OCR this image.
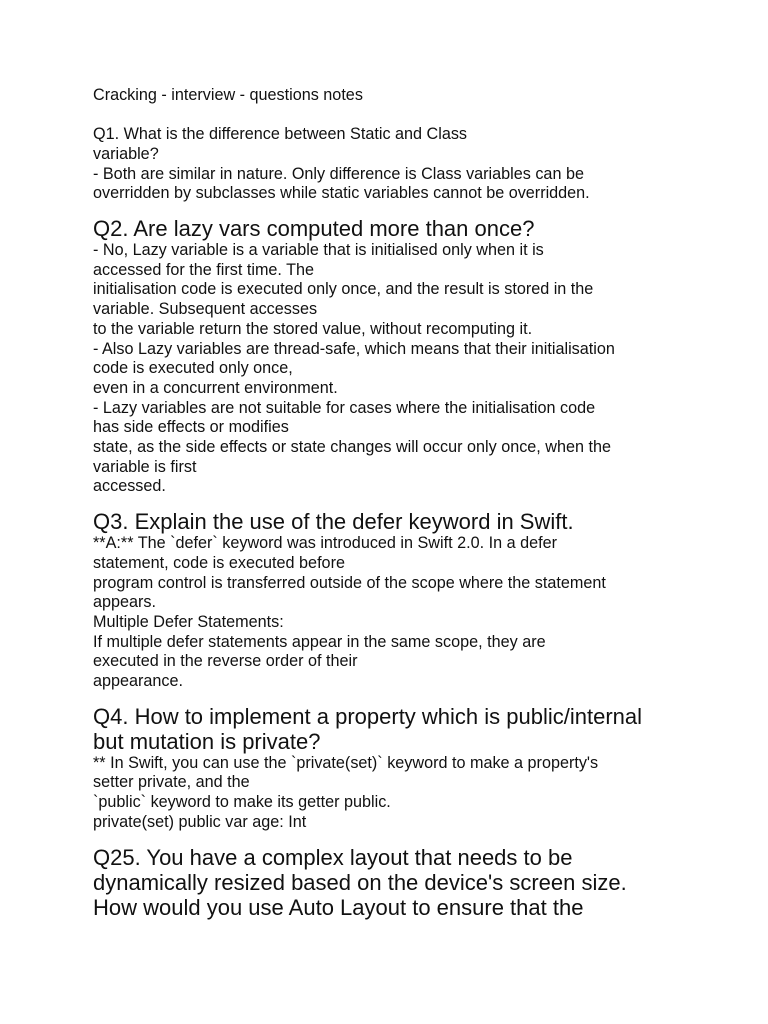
Cracking - interview - questions notes
Q1. What is the difference between Static and Class
variable?
- Both are similar in nature. Only difference is Class variables can be
overridden by subclasses while static variables cannot be overridden.
Q2. Are lazy vars computed more than once?
- No, Lazy variable is a variable that is initialised only when it is
accessed for the first time. The
initialisation code is executed only once, and the result is stored in the
variable. Subsequent accesses
to the variable return the stored value, without recomputing it.
- Also Lazy variables are thread-safe, which means that their initialisation
code is executed only once,
even in a concurrent environment.
- Lazy variables are not suitable for cases where the initialisation code
has side effects or modifies
state, as the side effects or state changes will occur only once, when the
variable is first
accessed.
Q3. Explain the use of the defer keyword in Swift.
**A:** The `defer` keyword was introduced in Swift 2.0. In a defer
statement, code is executed before
program control is transferred outside of the scope where the statement
appears.
Multiple Defer Statements:
If multiple defer statements appear in the same scope, they are
executed in the reverse order of their
appearance.
Q4. How to implement a property which is public/internal
but mutation is private?
** In Swift, you can use the `private(set)` keyword to make a property's
setter private, and the
`public` keyword to make its getter public.
private(set) public var age: Int
Q25. You have a complex layout that needs to be
dynamically resized based on the device's screen size.
How would you use Auto Layout to ensure that the
